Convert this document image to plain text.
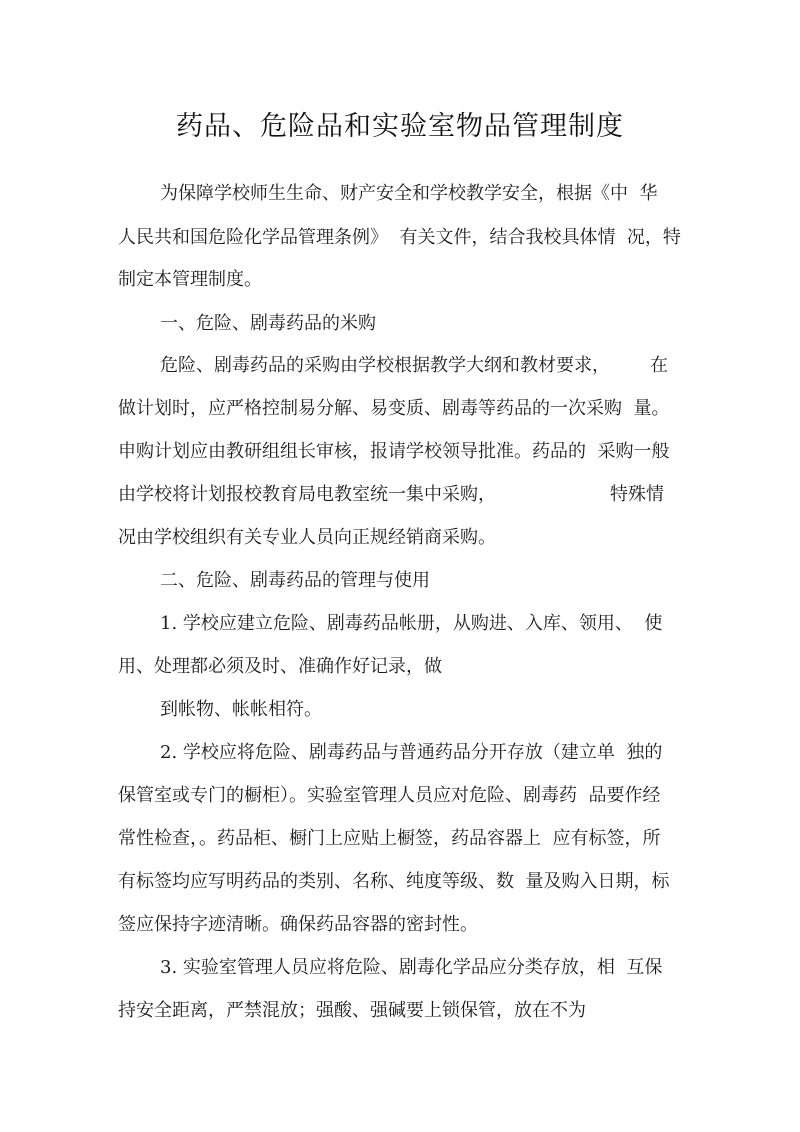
药品、危险品和实验室物品管理制度
为保障学校师生生命、财产安全和学校教学安全，根据《中  华
人民共和国危险化学品管理条例》  有关文件，结合我校具体情  况，特
制定本管理制度。
一、危险、剧毒药品的米购
危险、剧毒药品的采购由学校根据教学大纲和教材要求， 在
做计划时，应严格控制易分解、易变质、剧毒等药品的一次采购  量。
申购计划应由教研组组长审核，报请学校领导批准。药品的  采购一般
由学校将计划报校教育局电教室统一集中采购，	特殊情
况由学校组织有关专业人员向正规经销商采购。
二、危险、剧毒药品的管理与使用
1. 学校应建立危险、剧毒药品帐册，从购进、入库、领用、  使
用、处理都必须及时、准确作好记录，做
到帐物、帐帐相符。
2. 学校应将危险、剧毒药品与普通药品分开存放（建立单  独的
保管室或专门的橱柜）。实验室管理人员应对危险、剧毒药  品要作经
常性检查，。药品柜、橱门上应贴上橱签，药品容器上  应有标签，所
有标签均应写明药品的类别、名称、纯度等级、数  量及购入日期，标
签应保持字迹清晰。确保药品容器的密封性。
3. 实验室管理人员应将危险、剧毒化学品应分类存放，相  互保
持安全距离，严禁混放；强酸、强碱要上锁保管，放在不为
